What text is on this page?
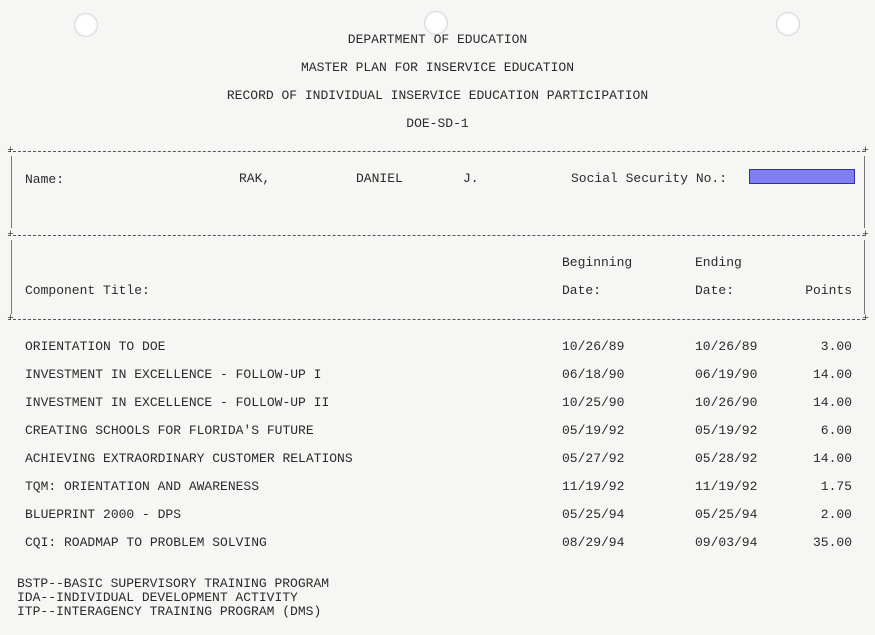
DEPARTMENT OF EDUCATION
MASTER PLAN FOR INSERVICE EDUCATION
RECORD OF INDIVIDUAL INSERVICE EDUCATION PARTICIPATION
DOE-SD-1
+	+
Name:	RAK,	DANIEL	J.	Social Security No.:
+	+
Beginning	Ending
Component Title:	Date:	Date:	Points
+	+
ORIENTATION TO DOE	10/26/89	10/26/89	3.00
INVESTMENT IN EXCELLENCE - FOLLOW-UP I	06/18/90	06/19/90	14.00
INVESTMENT IN EXCELLENCE - FOLLOW-UP II	10/25/90	10/26/90	14.00
CREATING SCHOOLS FOR FLORIDA'S FUTURE	05/19/92	05/19/92	6.00
ACHIEVING EXTRAORDINARY CUSTOMER RELATIONS	05/27/92	05/28/92	14.00
TQM: ORIENTATION AND AWARENESS	11/19/92	11/19/92	1.75
BLUEPRINT 2000 - DPS	05/25/94	05/25/94	2.00
CQI: ROADMAP TO PROBLEM SOLVING	08/29/94	09/03/94	35.00
BSTP--BASIC SUPERVISORY TRAINING PROGRAM
IDA--INDIVIDUAL DEVELOPMENT ACTIVITY
ITP--INTERAGENCY TRAINING PROGRAM (DMS)
